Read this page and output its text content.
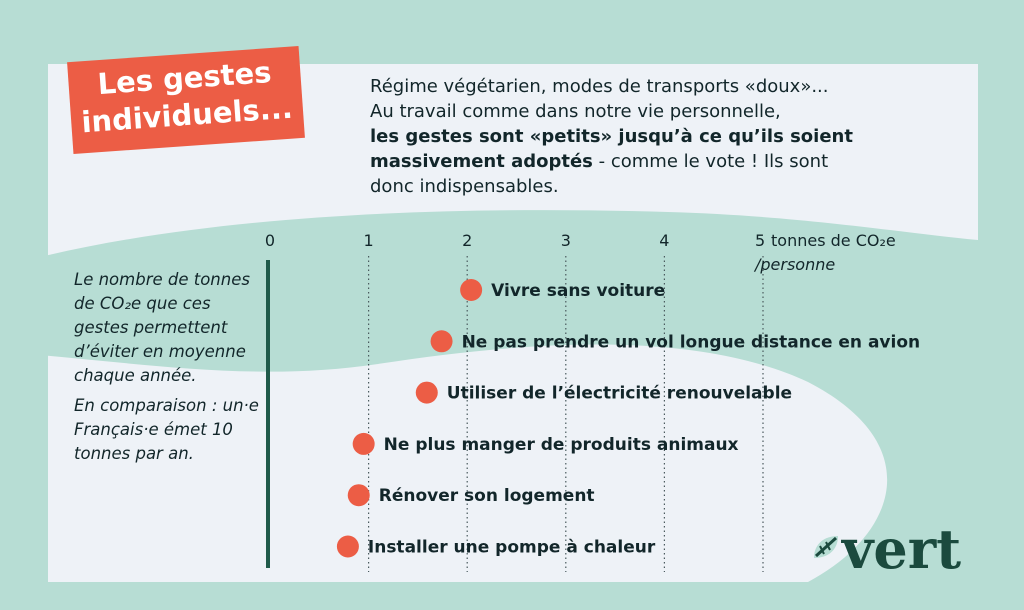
Les gestes
individuels...
Régime végétarien, modes de transports «doux»...
Au travail comme dans notre vie personnelle,
les gestes sont «petits» jusqu’à ce qu’ils soient
massivement adoptés - comme le vote ! Ils sont
donc indispensables.

Le nombre de tonnes de CO₂e que ces gestes permettent d’éviter en moyenne chaque année.

En comparaison : un·e Français·e émet 10 tonnes par an.

0	1	2	3	4	5 tonnes de CO₂e
/personne
Vivre sans voiture
Ne pas prendre un vol longue distance en avion
Utiliser de l’électricité renouvelable
Ne plus manger de produits animaux
Rénover son logement
Installer une pompe à chaleur	vert
